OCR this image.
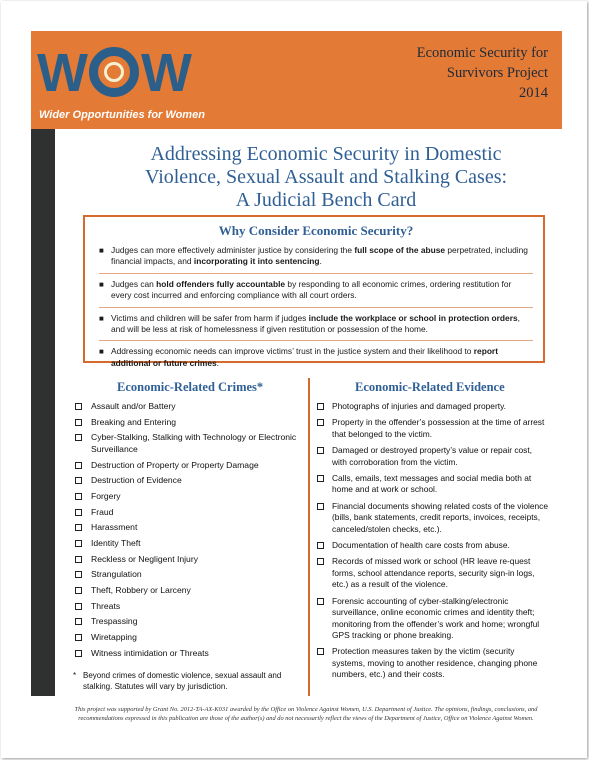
W W
Wider Opportunities for Women
Economic Security for
Survivors Project
2014
Addressing Economic Security in Domestic
Violence, Sexual Assault and Stalking Cases:
A Judicial Bench Card
Why Consider Economic Security?
■ Judges can more effectively administer justice by considering the full scope of the abuse perpetrated, including financial impacts, and incorporating it into sentencing.
■ Judges can hold offenders fully accountable by responding to all economic crimes, ordering restitution for every cost incurred and enforcing compliance with all court orders.
■ Victims and children will be safer from harm if judges include the workplace or school in protection orders, and will be less at risk of homelessness if given restitution or possession of the home.
■ Addressing economic needs can improve victims’ trust in the justice system and their likelihood to report additional or future crimes.
Economic-Related Crimes*	Economic-Related Evidence
Assault and/or Battery
Breaking and Entering
Cyber-Stalking, Stalking with Technology or Electronic Surveillance
Destruction of Property or Property Damage
Destruction of Evidence
Forgery
Fraud
Harassment
Identity Theft
Reckless or Negligent Injury
Strangulation
Theft, Robbery or Larceny
Threats
Trespassing
Wiretapping
Witness intimidation or Threats
Photographs of injuries and damaged property.
Property in the offender’s possession at the time of arrest that belonged to the victim.
Damaged or destroyed property’s value or repair cost, with corroboration from the victim.
Calls, emails, text messages and social media both at home and at work or school.
Financial documents showing related costs of the violence (bills, bank statements, credit reports, invoices, receipts, canceled/stolen checks, etc.).
Documentation of health care costs from abuse.
Records of missed work or school (HR leave re-quest forms, school attendance reports, security sign-in logs, etc.) as a result of the violence.
Forensic accounting of cyber-stalking/electronic surveillance, online economic crimes and identity theft; monitoring from the offender’s work and home; wrongful GPS tracking or phone breaking.
Protection measures taken by the victim (security systems, moving to another residence, changing phone numbers, etc.) and their costs.
* Beyond crimes of domestic violence, sexual assault and stalking. Statutes will vary by jurisdiction.
This project was supported by Grant No. 2012-TA-AX-K031 awarded by the Office on Violence Against Women, U.S. Department of Justice. The opinions, findings, conclusions, and recommendations expressed in this publication are those of the author(s) and do not necessarily reflect the views of the Department of Justice, Office on Violence Against Women.
